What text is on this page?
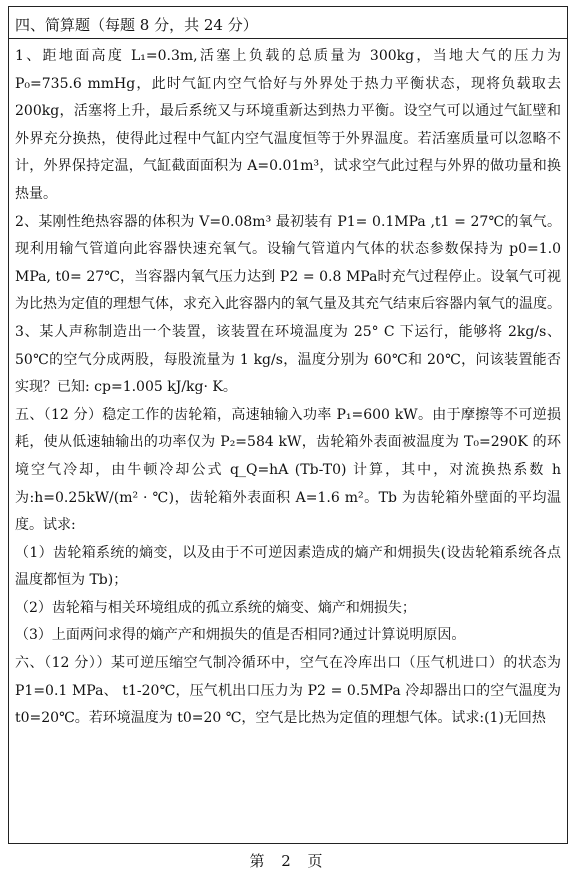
四、简算题（每题 8 分，共 24 分）

1、距地面高度 L₁=0.3m,活塞上负载的总质量为 300kg，当地大气的压力为 P₀=735.6 mmHg，此时气缸内空气恰好与外界处于热力平衡状态，现将负载取去 200kg，活塞将上升，最后系统又与环境重新达到热力平衡。设空气可以通过气缸壁和外界充分换热，使得此过程中气缸内空气温度恒等于外界温度。若活塞质量可以忽略不计，外界保持定温，气缸截面面积为 A=0.01m³，试求空气此过程与外界的做功量和换热量。

2、某刚性绝热容器的体积为 V=0.08m³ 最初装有 P1= 0.1MPa ,t1 = 27℃的氧气。现利用输气管道向此容器快速充氧气。设输气管道内气体的状态参数保持为 p0=1.0 MPa, t0= 27℃，当容器内氧气压力达到 P2 = 0.8 MPa时充气过程停止。设氧气可视为比热为定值的理想气体，求充入此容器内的氧气量及其充气结束后容器内氧气的温度。

3、某人声称制造出一个装置，该装置在环境温度为 25° C 下运行，能够将 2kg/s、50℃的空气分成两股，每股流量为 1 kg/s，温度分别为 60℃和 20℃，问该装置能否实现？已知: cp=1.005 kJ/kg· K。

五、（12 分）稳定工作的齿轮箱，高速轴输入功率 P₁=600 kW。由于摩擦等不可逆损耗，使从低速轴输出的功率仅为 P₂=584 kW，齿轮箱外表面被温度为 T₀=290K 的环境空气冷却，由牛顿冷却公式 q_Q=hA (Tb-T0) 计算，其中，对流换热系数 h 为:h=0.25kW/(m² · ℃)，齿轮箱外表面积 A=1.6 m²。Tb 为齿轮箱外壁面的平均温度。试求:

（1）齿轮箱系统的熵变，以及由于不可逆因素造成的熵产和㶲损失(设齿轮箱系统各点温度都恒为 Tb)；

（2）齿轮箱与相关环境组成的孤立系统的熵变、熵产和㶲损失；

（3）上面两问求得的熵产产和㶲损失的值是否相同?通过计算说明原因。

六、（12 分））某可逆压缩空气制冷循环中，空气在冷库出口（压气机进口）的状态为 P1=0.1 MPa、 t1-20℃，压气机出口压力为 P2 = 0.5MPa 冷却器出口的空气温度为 t0=20℃。若环境温度为 t0=20 ℃，空气是比热为定值的理想气体。试求:(1)无回热

第 2 页
